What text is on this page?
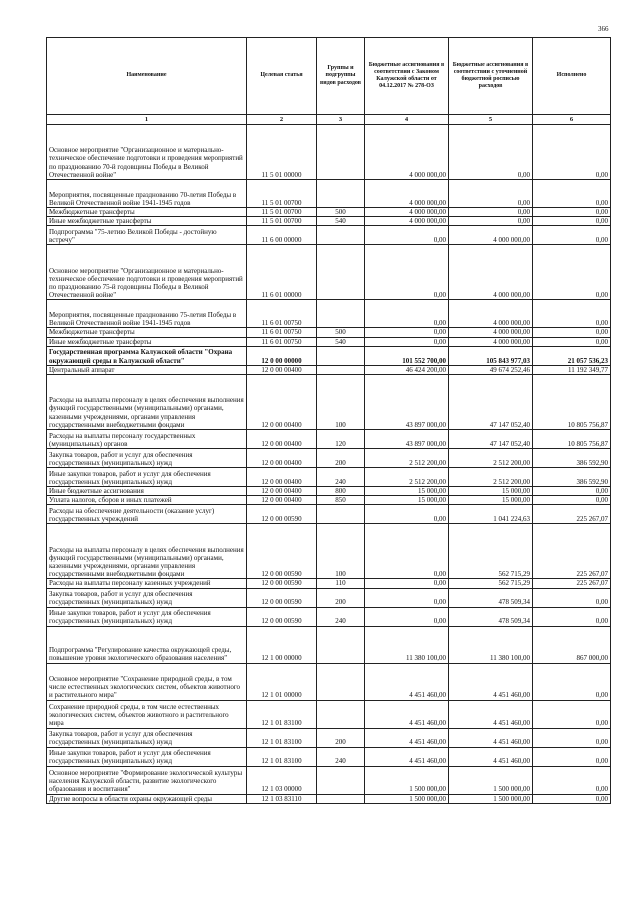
366
Наименование	Целевая статья	Группы и подгруппы видов расходов	Бюджетные ассигнования в соответствии с Законом Калужской области от 04.12.2017 № 278-ОЗ	Бюджетные ассигнования в соответствии с уточненной бюджетной росписью расходов	Исполнено
1	2	3	4	5	6
Основное мероприятие "Организационное и материально-техническое обеспечение подготовки и проведения мероприятий по празднованию 70-й годовщины Победы в Великой Отечественной войне"	11 5 01 00000		4 000 000,00	0,00	0,00
Мероприятия, посвященные празднованию 70-летия Победы в Великой Отечественной войне 1941-1945 годов	11 5 01 00700		4 000 000,00	0,00	0,00
Межбюджетные трансферты	11 5 01 00700	500	4 000 000,00	0,00	0,00
Иные межбюджетные трансферты	11 5 01 00700	540	4 000 000,00	0,00	0,00
Подпрограмма "75-летию Великой Победы - достойную встречу"	11 6 00 00000		0,00	4 000 000,00	0,00
Основное мероприятие "Организационное и материально-техническое обеспечение подготовки и проведения мероприятий по празднованию 75-й годовщины Победы в Великой Отечественной войне"	11 6 01 00000		0,00	4 000 000,00	0,00
Мероприятия, посвященные празднованию 75-летия Победы в Великой Отечественной войне 1941-1945 годов	11 6 01 00750		0,00	4 000 000,00	0,00
Межбюджетные трансферты	11 6 01 00750	500	0,00	4 000 000,00	0,00
Иные межбюджетные трансферты	11 6 01 00750	540	0,00	4 000 000,00	0,00
Государственная программа Калужской области "Охрана окружающей среды в Калужской области"	12 0 00 00000		101 552 700,00	105 843 977,03	21 057 536,23
Центральный аппарат	12 0 00 00400		46 424 200,00	49 674 252,46	11 192 349,77
Расходы на выплаты персоналу в целях обеспечения выполнения функций государственными (муниципальными) органами, казенными учреждениями, органами управления государственными внебюджетными фондами	12 0 00 00400	100	43 897 000,00	47 147 052,40	10 805 756,87
Расходы на выплаты персоналу государственных (муниципальных) органов	12 0 00 00400	120	43 897 000,00	47 147 052,40	10 805 756,87
Закупка товаров, работ и услуг для обеспечения государственных (муниципальных) нужд	12 0 00 00400	200	2 512 200,00	2 512 200,00	386 592,90
Иные закупки товаров, работ и услуг для обеспечения государственных (муниципальных) нужд	12 0 00 00400	240	2 512 200,00	2 512 200,00	386 592,90
Иные бюджетные ассигнования	12 0 00 00400	800	15 000,00	15 000,00	0,00
Уплата налогов, сборов и иных платежей	12 0 00 00400	850	15 000,00	15 000,00	0,00
Расходы на обеспечение деятельности (оказание услуг) государственных учреждений	12 0 00 00590		0,00	1 041 224,63	225 267,07
Расходы на выплаты персоналу в целях обеспечения выполнения функций государственными (муниципальными) органами, казенными учреждениями, органами управления государственными внебюджетными фондами	12 0 00 00590	100	0,00	562 715,29	225 267,07
Расходы на выплаты персоналу казенных учреждений	12 0 00 00590	110	0,00	562 715,29	225 267,07
Закупка товаров, работ и услуг для обеспечения государственных (муниципальных) нужд	12 0 00 00590	200	0,00	478 509,34	0,00
Иные закупки товаров, работ и услуг для обеспечения государственных (муниципальных) нужд	12 0 00 00590	240	0,00	478 509,34	0,00
Подпрограмма "Регулирование качества окружающей среды, повышение уровня экологического образования населения"	12 1 00 00000		11 380 100,00	11 380 100,00	867 000,00
Основное мероприятие "Сохранение природной среды, в том числе естественных экологических систем, объектов животного и растительного мира"	12 1 01 00000		4 451 460,00	4 451 460,00	0,00
Сохранение природной среды, в том числе естественных экологических систем, объектов животного и растительного мира	12 1 01 83100		4 451 460,00	4 451 460,00	0,00
Закупка товаров, работ и услуг для обеспечения государственных (муниципальных) нужд	12 1 01 83100	200	4 451 460,00	4 451 460,00	0,00
Иные закупки товаров, работ и услуг для обеспечения государственных (муниципальных) нужд	12 1 01 83100	240	4 451 460,00	4 451 460,00	0,00
Основное мероприятие "Формирование экологической культуры населения Калужской области, развитие экологического образования и воспитания"	12 1 03 00000		1 500 000,00	1 500 000,00	0,00
Другие вопросы в области охраны окружающей среды	12 1 03 83110		1 500 000,00	1 500 000,00	0,00
